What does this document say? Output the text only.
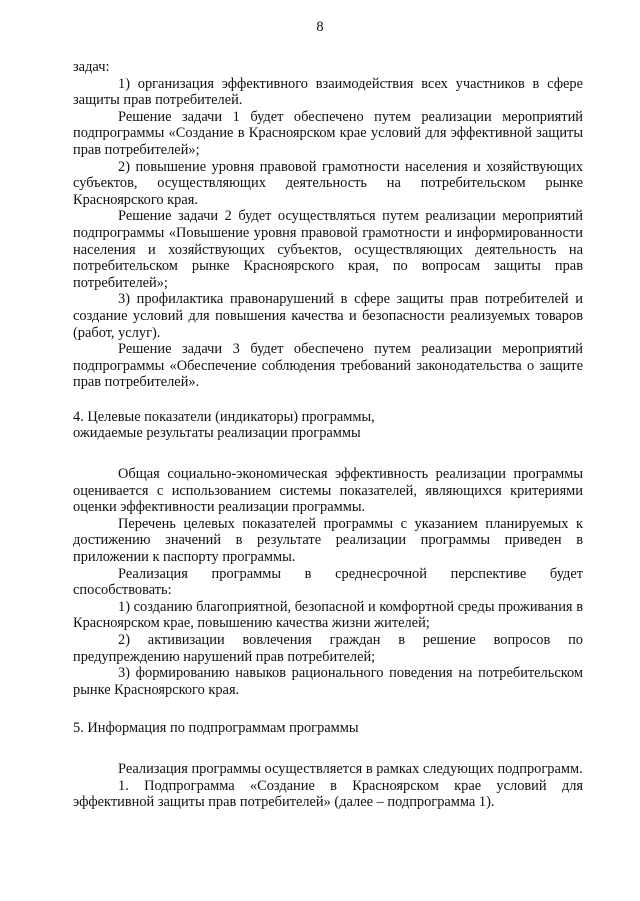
8

задач:

1) организация эффективного взаимодействия всех участников в сфере защиты прав потребителей.

Решение задачи 1 будет обеспечено путем реализации мероприятий подпрограммы «Создание в Красноярском крае условий для эффективной защиты прав потребителей»;

2) повышение уровня правовой грамотности населения и хозяйствующих субъектов, осуществляющих деятельность на потребительском рынке Красноярского края.

Решение задачи 2 будет осуществляться путем реализации мероприятий подпрограммы «Повышение уровня правовой грамотности и информированности населения и хозяйствующих субъектов, осуществляющих деятельность на потребительском рынке Красноярского края, по вопросам защиты прав потребителей»;

3) профилактика правонарушений в сфере защиты прав потребителей и создание условий для повышения качества и безопасности реализуемых товаров (работ, услуг).

Решение задачи 3 будет обеспечено путем реализации мероприятий подпрограммы «Обеспечение соблюдения требований законодательства о защите прав потребителей».

4. Целевые показатели (индикаторы) программы,

ожидаемые результаты реализации программы

Общая социально-экономическая эффективность реализации программы оценивается с использованием системы показателей, являющихся критериями оценки эффективности реализации программы.

Перечень целевых показателей программы с указанием планируемых к достижению значений в результате реализации программы приведен в приложении к паспорту программы.

Реализация программы в среднесрочной перспективе будет способствовать:

1) созданию благоприятной, безопасной и комфортной среды проживания в Красноярском крае, повышению качества жизни жителей;

2) активизации вовлечения граждан в решение вопросов по предупреждению нарушений прав потребителей;

3) формированию навыков рационального поведения на потребительском рынке Красноярского края.

5. Информация по подпрограммам программы

Реализация программы осуществляется в рамках следующих подпрограмм.

1. Подпрограмма «Создание в Красноярском крае условий для эффективной защиты прав потребителей» (далее – подпрограмма 1).
